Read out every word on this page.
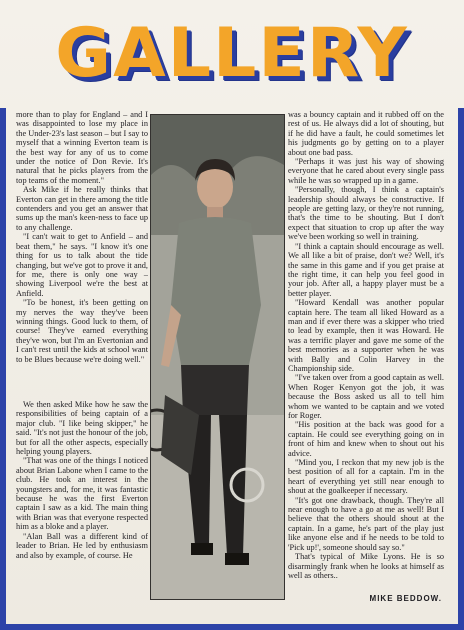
GALLERY

more than to play for England – and I was disappointed to lose my place in the Under-23's last season – but I say to myself that a winning Everton team is the best way for any of us to come under the notice of Don Revie. It's natural that he picks players from the top teams of the moment."

Ask Mike if he really thinks that Everton can get in there among the title contenders and you get an answer that sums up the man's keen-ness to face up to any challenge.

"I can't wait to get to Anfield – and beat them," he says. "I know it's one thing for us to talk about the tide changing, but we've got to prove it and, for me, there is only one way – showing Liverpool we're the best at Anfield.

"To be honest, it's been getting on my nerves the way they've been winning things. Good luck to them, of course! They've earned everything they've won, but I'm an Evertonian and I can't rest until the kids at school want to be Blues because we're doing well."

We then asked Mike how he saw the responsibilities of being captain of a major club. "I like being skipper," he said. "It's not just the honour of the job, but for all the other aspects, especially helping young players.

"That was one of the things I noticed about Brian Labone when I came to the club. He took an interest in the youngsters and, for me, it was fantastic because he was the first Everton captain I saw as a kid. The main thing with Brian was that everyone respected him as a bloke and a player.

"Alan Ball was a different kind of leader to Brian. He led by enthusiasm and also by example, of course. He

was a bouncy captain and it rubbed off on the rest of us. He always did a lot of shouting, but if he did have a fault, he could sometimes let his judgments go by getting on to a player about one bad pass.

"Perhaps it was just his way of showing everyone that he cared about every single pass while he was so wrapped up in a game.

"Personally, though, I think a captain's leadership should always be constructive. If people are getting lazy, or they're not running, that's the time to be shouting. But I don't expect that situation to crop up after the way we've been working so well in training.

"I think a captain should encourage as well. We all like a bit of praise, don't we? Well, it's the same in this game and if you get praise at the right time, it can help you feel good in your job. After all, a happy player must be a better player.

"Howard Kendall was another popular captain here. The team all liked Howard as a man and if ever there was a skipper who tried to lead by example, then it was Howard. He was a terrific player and gave me some of the best memories as a supporter when he was with Bally and Colin Harvey in the Championship side.

"I've taken over from a good captain as well. When Roger Kenyon got the job, it was because the Boss asked us all to tell him whom we wanted to be captain and we voted for Roger.

"His position at the back was good for a captain. He could see everything going on in front of him and knew when to shout out his advice.

"Mind you, I reckon that my new job is the best position of all for a captain. I'm in the heart of everything yet still near enough to shout at the goalkeeper if necessary.

"It's got one drawback, though. They're all near enough to have a go at me as well! But I believe that the others should shout at the captain. In a game, he's part of the play just like anyone else and if he needs to be told to 'Pick up!', someone should say so."

That's typical of Mike Lyons. He is so disarmingly frank when he looks at himself as well as others..

MIKE BEDDOW.
